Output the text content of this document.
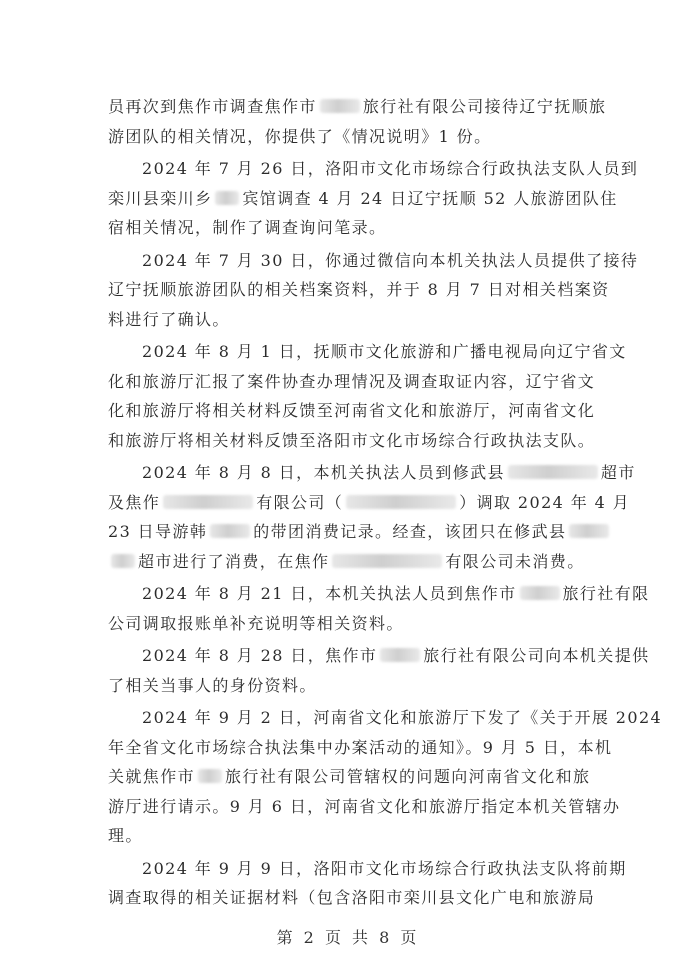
员再次到焦作市调查焦作市	旅行社有限公司接待辽宁抚顺旅
游团队的相关情况，你提供了《情况说明》1 份。
2024 年 7 月 26 日，洛阳市文化市场综合行政执法支队人员到
栾川县栾川乡 宾馆调查 4 月 24 日辽宁抚顺 52 人旅游团队住
宿相关情况，制作了调查询问笔录。
2024 年 7 月 30 日，你通过微信向本机关执法人员提供了接待
辽宁抚顺旅游团队的相关档案资料，并于 8 月 7 日对相关档案资
料进行了确认。
2024 年 8 月 1 日，抚顺市文化旅游和广播电视局向辽宁省文
化和旅游厅汇报了案件协查办理情况及调查取证内容，辽宁省文
化和旅游厅将相关材料反馈至河南省文化和旅游厅，河南省文化
和旅游厅将相关材料反馈至洛阳市文化市场综合行政执法支队。
2024 年 8 月 8 日，本机关执法人员到修武县	超市
及焦作	有限公司（	）调取 2024 年 4 月
23 日导游韩	的带团消费记录。经查，该团只在修武县
超市进行了消费，在焦作	有限公司未消费。
2024 年 8 月 21 日，本机关执法人员到焦作市	旅行社有限
公司调取报账单补充说明等相关资料。
2024 年 8 月 28 日，焦作市	旅行社有限公司向本机关提供
了相关当事人的身份资料。
2024 年 9 月 2 日，河南省文化和旅游厅下发了《关于开展 2024
年全省文化市场综合执法集中办案活动的通知》。9 月 5 日，本机
关就焦作市 旅行社有限公司管辖权的问题向河南省文化和旅
游厅进行请示。9 月 6 日，河南省文化和旅游厅指定本机关管辖办
理。
2024 年 9 月 9 日，洛阳市文化市场综合行政执法支队将前期
调查取得的相关证据材料（包含洛阳市栾川县文化广电和旅游局
第 2 页 共 8 页
